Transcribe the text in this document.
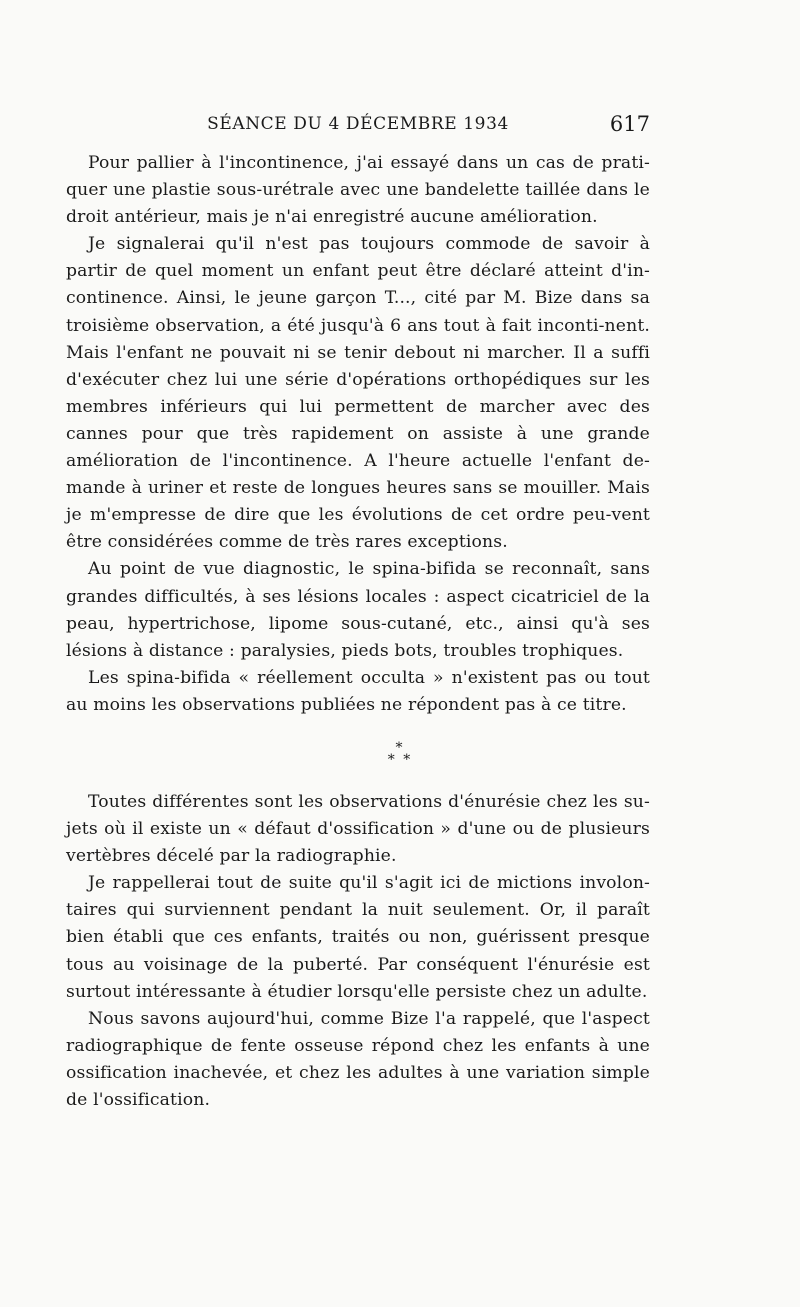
SÉANCE DU 4 DÉCEMBRE 1934	617

Pour pallier à l'incontinence, j'ai essayé dans un cas de prati-quer une plastie sous-urétrale avec une bandelette taillée dans le droit antérieur, mais je n'ai enregistré aucune amélioration.

Je signalerai qu'il n'est pas toujours commode de savoir à partir de quel moment un enfant peut être déclaré atteint d'in-continence. Ainsi, le jeune garçon T..., cité par M. Bize dans sa troisième observation, a été jusqu'à 6 ans tout à fait inconti-nent. Mais l'enfant ne pouvait ni se tenir debout ni marcher. Il a suffi d'exécuter chez lui une série d'opérations orthopédiques sur les membres inférieurs qui lui permettent de marcher avec des cannes pour que très rapidement on assiste à une grande amélioration de l'incontinence. A l'heure actuelle l'enfant de-mande à uriner et reste de longues heures sans se mouiller. Mais je m'empresse de dire que les évolutions de cet ordre peu-vent être considérées comme de très rares exceptions.

Au point de vue diagnostic, le spina-bifida se reconnaît, sans grandes difficultés, à ses lésions locales : aspect cicatriciel de la peau, hypertrichose, lipome sous-cutané, etc., ainsi qu'à ses lésions à distance : paralysies, pieds bots, troubles trophiques.

Les spina-bifida « réellement occulta » n'existent pas ou tout au moins les observations publiées ne répondent pas à ce titre.

*
* *

Toutes différentes sont les observations d'énurésie chez les su-jets où il existe un « défaut d'ossification » d'une ou de plusieurs vertèbres décelé par la radiographie.

Je rappellerai tout de suite qu'il s'agit ici de mictions involon-taires qui surviennent pendant la nuit seulement. Or, il paraît bien établi que ces enfants, traités ou non, guérissent presque tous au voisinage de la puberté. Par conséquent l'énurésie est surtout intéressante à étudier lorsqu'elle persiste chez un adulte.

Nous savons aujourd'hui, comme Bize l'a rappelé, que l'aspect radiographique de fente osseuse répond chez les enfants à une ossification inachevée, et chez les adultes à une variation simple de l'ossification.
